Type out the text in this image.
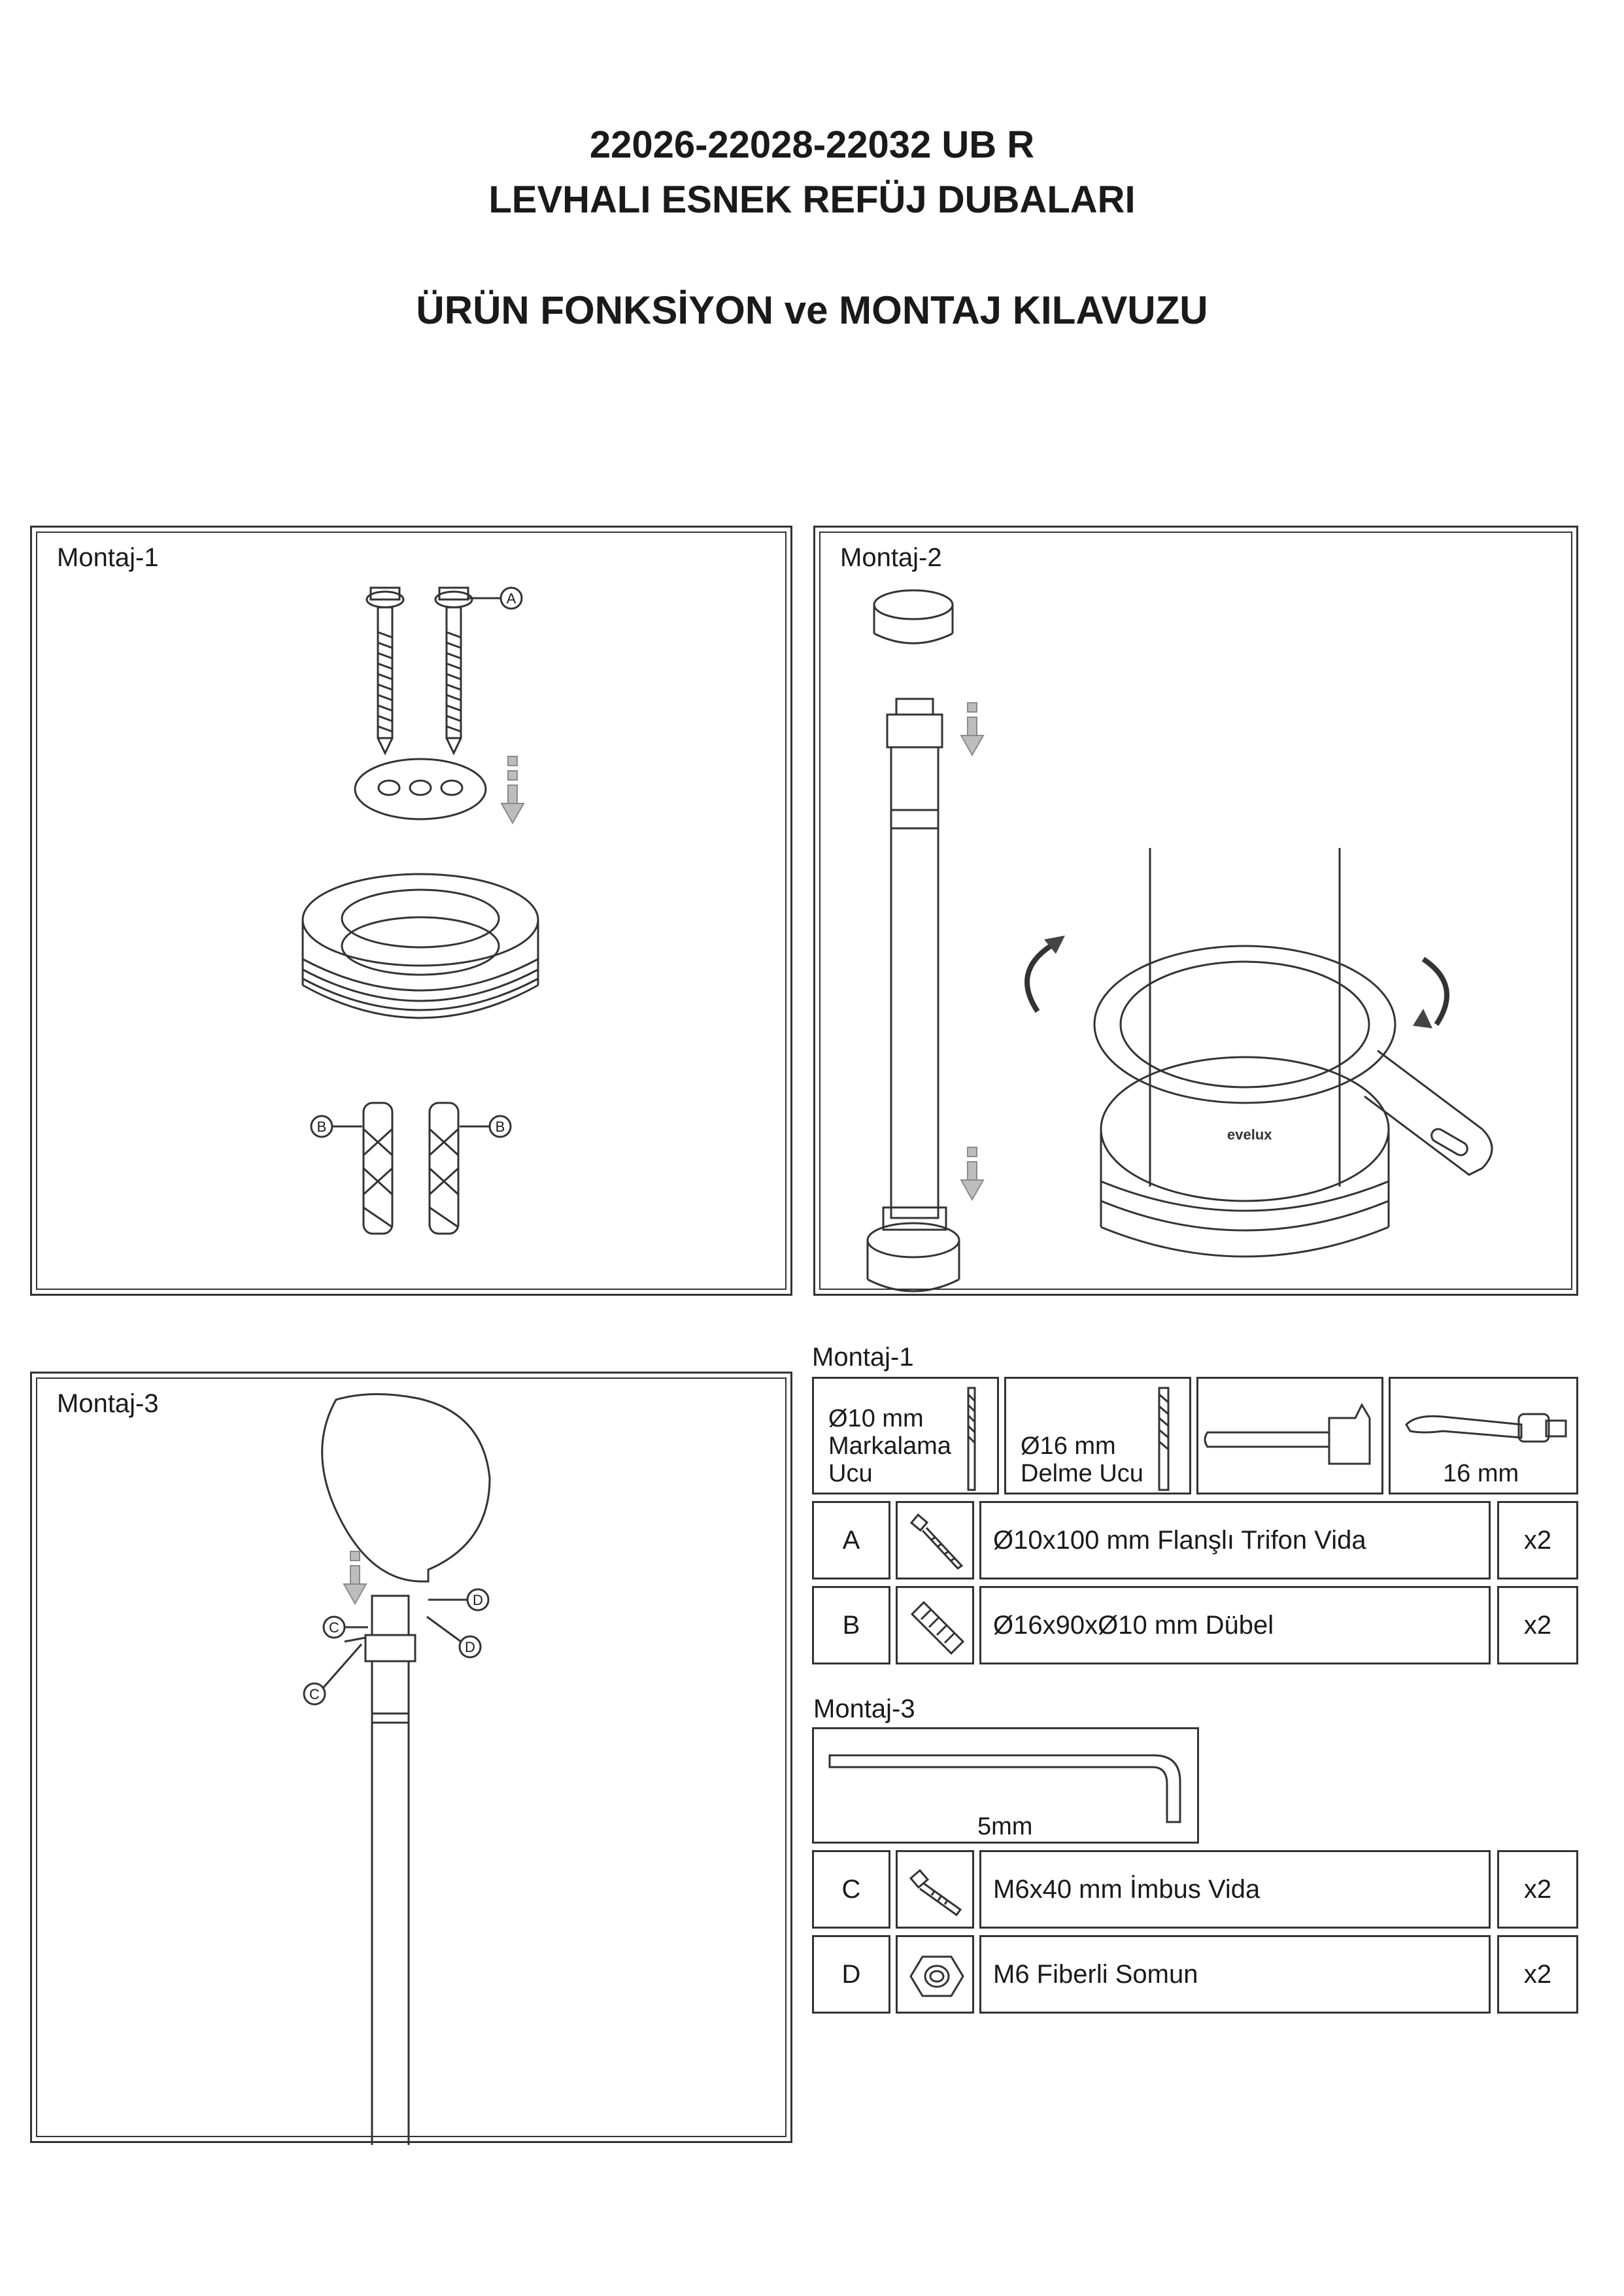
22026-22028-22032 UB R
LEVHALI ESNEK REFÜJ DUBALARI
ÜRÜN FONKSİYON ve MONTAJ KILAVUZU
Montaj-1
A
B	B
Montaj-2
evelux
Montaj-3
C
C
D
D
Montaj-1
Ø10 mm
Markalama
Ucu
Ø16 mm
Delme Ucu	16 mm
A	Ø10x100 mm Flanşlı Trifon Vida	x2
B	Ø16x90xØ10 mm Dübel	x2
Montaj-3
5mm
C	M6x40 mm İmbus Vida	x2
D	M6 Fiberli Somun	x2
